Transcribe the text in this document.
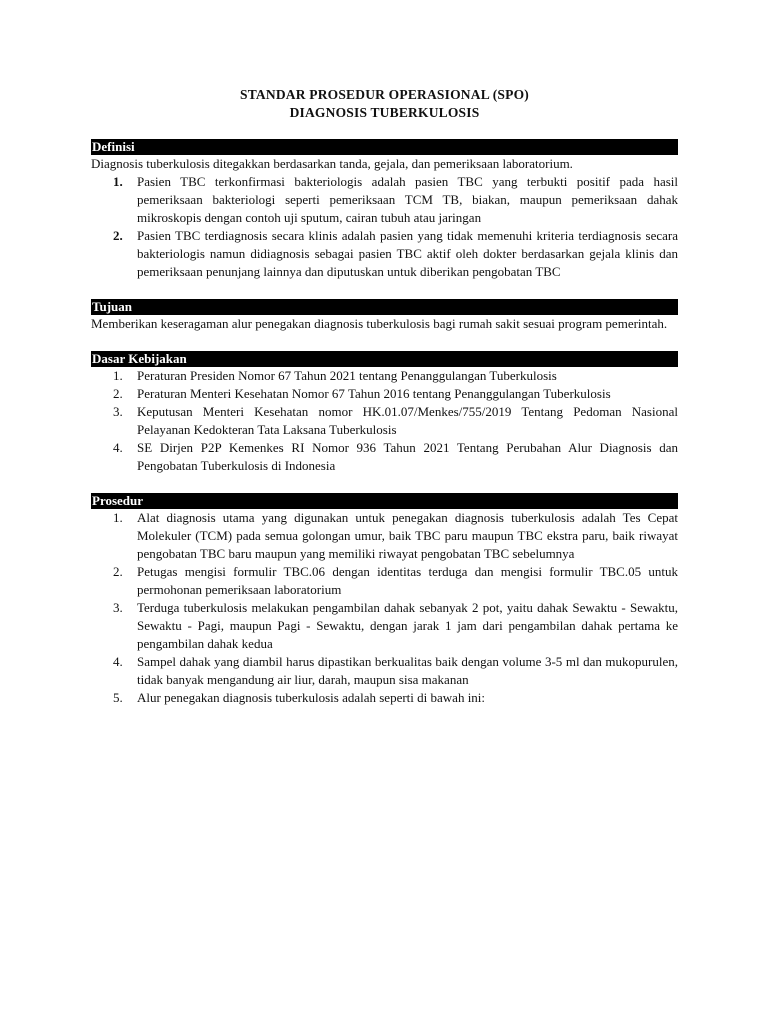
STANDAR PROSEDUR OPERASIONAL (SPO)
DIAGNOSIS TUBERKULOSIS
Definisi

Diagnosis tuberkulosis ditegakkan berdasarkan tanda, gejala, dan pemeriksaan laboratorium.

1.	Pasien TBC terkonfirmasi bakteriologis adalah pasien TBC yang terbukti positif pada hasil pemeriksaan bakteriologi seperti pemeriksaan TCM TB, biakan, maupun pemeriksaan dahak mikroskopis dengan contoh uji sputum, cairan tubuh atau jaringan
2.	Pasien TBC terdiagnosis secara klinis adalah pasien yang tidak memenuhi kriteria terdiagnosis secara bakteriologis namun didiagnosis sebagai pasien TBC aktif oleh dokter berdasarkan gejala klinis dan pemeriksaan penunjang lainnya dan diputuskan untuk diberikan pengobatan TBC
Tujuan

Memberikan keseragaman alur penegakan diagnosis tuberkulosis bagi rumah sakit sesuai program pemerintah.

Dasar Kebijakan
1.	Peraturan Presiden Nomor 67 Tahun 2021 tentang Penanggulangan Tuberkulosis
2.	Peraturan Menteri Kesehatan Nomor 67 Tahun 2016 tentang Penanggulangan Tuberkulosis
3.	Keputusan Menteri Kesehatan nomor HK.01.07/Menkes/755/2019 Tentang Pedoman Nasional Pelayanan Kedokteran Tata Laksana Tuberkulosis
4.	SE Dirjen P2P Kemenkes RI Nomor 936 Tahun 2021 Tentang Perubahan Alur Diagnosis dan Pengobatan Tuberkulosis di Indonesia
Prosedur
1.	Alat diagnosis utama yang digunakan untuk penegakan diagnosis tuberkulosis adalah Tes Cepat Molekuler (TCM) pada semua golongan umur, baik TBC paru maupun TBC ekstra paru, baik riwayat pengobatan TBC baru maupun yang memiliki riwayat pengobatan TBC sebelumnya
2.	Petugas mengisi formulir TBC.06 dengan identitas terduga dan mengisi formulir TBC.05 untuk permohonan pemeriksaan laboratorium
3.	Terduga tuberkulosis melakukan pengambilan dahak sebanyak 2 pot, yaitu dahak Sewaktu - Sewaktu, Sewaktu - Pagi, maupun Pagi - Sewaktu, dengan jarak 1 jam dari pengambilan dahak pertama ke pengambilan dahak kedua
4.	Sampel dahak yang diambil harus dipastikan berkualitas baik dengan volume 3-5 ml dan mukopurulen, tidak banyak mengandung air liur, darah, maupun sisa makanan
5.	Alur penegakan diagnosis tuberkulosis adalah seperti di bawah ini:
